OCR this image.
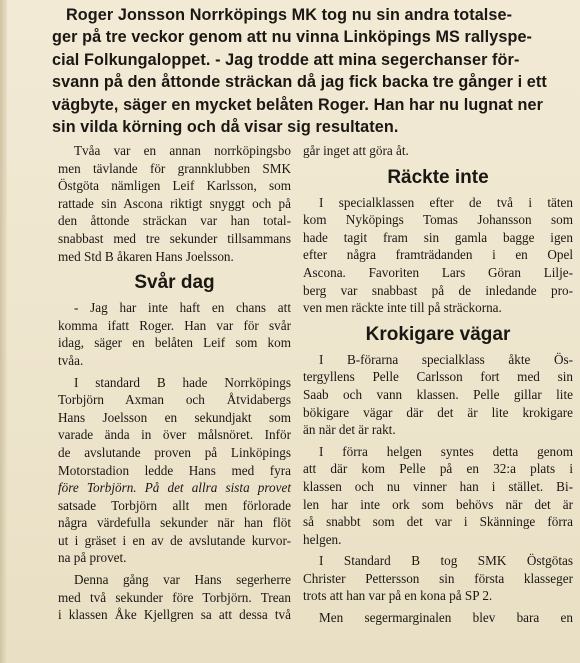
Roger Jonsson Norrköpings MK tog nu sin andra totalse-
ger på tre veckor genom att nu vinna Linköpings MS rallyspe-
cial Folkungaloppet. - Jag trodde att mina segerchanser för-
svann på den åttonde sträckan då jag fick backa tre gånger i ett
vägbyte, säger en mycket belåten Roger. Han har nu lugnat ner
sin vilda körning och då visar sig resultaten.

Tvåa var en annan norrköpingsbo
men tävlande för grannklubben SMK
Östgöta nämligen Leif Karlsson, som
rattade sin Ascona riktigt snyggt och på
den åttonde sträckan var han total-
snabbast med tre sekunder tillsammans
med Std B åkaren Hans Joelsson.

Svår dag

- Jag har inte haft en chans att
komma ifatt Roger. Han var för svår
idag, säger en belåten Leif som kom
tvåa.

I standard B hade Norrköpings
Torbjörn Axman och Åtvidabergs
Hans Joelsson en sekundjakt som
varade ända in över målsnöret. Inför
de avslutande proven på Linköpings
Motorstadion ledde Hans med fyra
före Torbjörn. På det allra sista provet
satsade Torbjörn allt men förlorade
några värdefulla sekunder när han flöt
ut i gräset i en av de avslutande kurvor-
na på provet.

Denna gång var Hans segerherre
med två sekunder före Torbjörn. Trean
i klassen Åke Kjellgren sa att dessa två

går inget att göra åt.

Räckte inte

I specialklassen efter de två i täten
kom Nyköpings Tomas Johansson som
hade tagit fram sin gamla bagge igen
efter några framträdanden i en Opel
Ascona. Favoriten Lars Göran Lilje-
berg var snabbast på de inledande pro-
ven men räckte inte till på sträckorna.

Krokigare vägar

I B-förarna specialklass åkte Ös-
tergyllens Pelle Carlsson fort med sin
Saab och vann klassen. Pelle gillar lite
bökigare vägar där det är lite krokigare
än när det är rakt.

I förra helgen syntes detta genom
att där kom Pelle på en 32:a plats i
klassen och nu vinner han i stället. Bi-
len har inte ork som behövs när det är
så snabbt som det var i Skänninge förra
helgen.

I Standard B tog SMK Östgötas
Christer Pettersson sin första klasseger
trots att han var på en kona på SP 2.

Men segermarginalen blev bara en
